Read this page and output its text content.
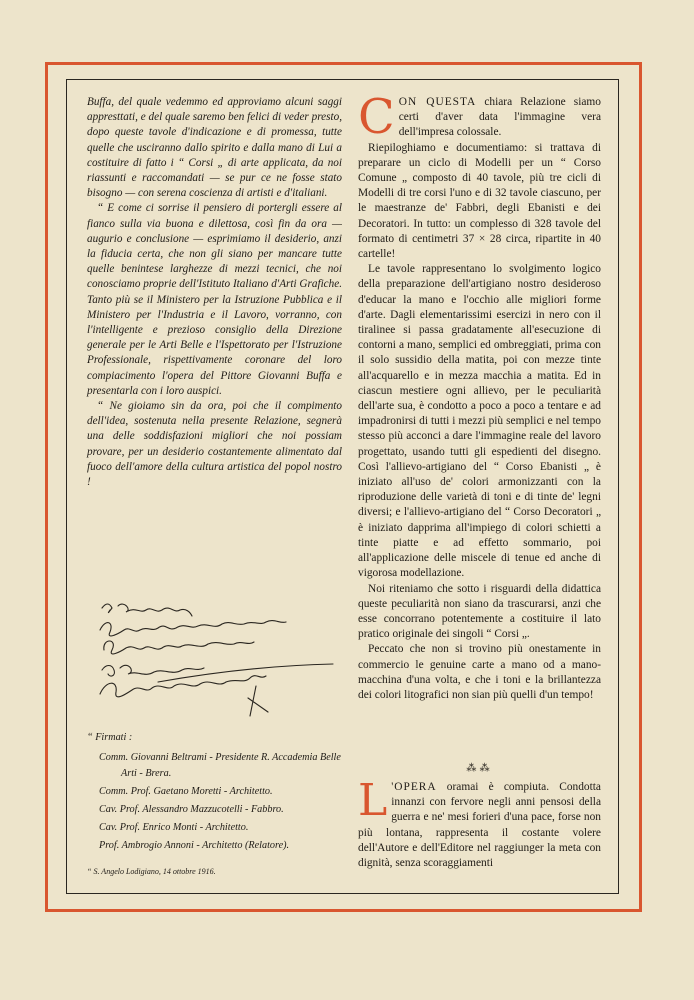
Buffa, del quale vedemmo ed approviamo alcuni saggi appresttati, e del quale saremo ben felici di veder presto, dopo queste tavole d'indicazione e di promessa, tutte quelle che usciranno dallo spirito e dalla mano di Lui a costituire di fatto i “ Corsi „ di arte applicata, da noi riassunti e raccomandati — se pur ce ne fosse stato bisogno — con serena coscienza di artisti e d'italiani.

“ E come ci sorrise il pensiero di portergli essere al fianco sulla via buona e dilettosa, così fin da ora — augurio e conclusione — esprimiamo il desiderio, anzi la fiducia certa, che non gli siano per mancare tutte quelle benintese larghezze di mezzi tecnici, che noi conosciamo proprie dell'Istituto Italiano d'Arti Grafiche. Tanto più se il Ministero per la Istruzione Pubblica e il Ministero per l'Industria e il Lavoro, vorranno, con l'intelligente e prezioso consiglio della Direzione generale per le Arti Belle e l'Ispettorato per l'Istruzione Professionale, rispettivamente coronare del loro compiacimento l'opera del Pittore Giovanni Buffa e presentarla con i loro auspici.

“ Ne gioiamo sin da ora, poi che il compimento dell'idea, sostenuta nella presente Relazione, segnerà una delle soddisfazioni migliori che noi possiam provare, per un desiderio costantemente alimentato dal fuoco dell'amore della cultura artistica del popol nostro !

“ Firmati :
Comm. Giovanni Beltrami - Presidente R. Accademia Belle Arti - Brera.
Comm. Prof. Gaetano Moretti - Architetto.
Cav. Prof. Alessandro Mazzucotelli - Fabbro.
Cav. Prof. Enrico Monti - Architetto.
Prof. Ambrogio Annoni - Architetto (Relatore).
“ S. Angelo Lodigiano, 14 ottobre 1916.

CON QUESTA chiara Relazione siamo certi d'aver data l'immagine vera dell'impresa colossale.

Riepiloghiamo e documentiamo: si trattava di preparare un ciclo di Modelli per un “ Corso Comune „ composto di 40 tavole, più tre cicli di Modelli di tre corsi l'uno e di 32 tavole ciascuno, per le maestranze de' Fabbri, degli Ebanisti e dei Decoratori. In tutto: un complesso di 328 tavole del formato di centimetri 37 × 28 circa, ripartite in 40 cartelle!

Le tavole rappresentano lo svolgimento logico della preparazione dell'artigiano nostro desideroso d'educar la mano e l'occhio alle migliori forme d'arte. Dagli elementarissimi esercizi in nero con il tiralinee si passa gradatamente all'esecuzione di contorni a mano, semplici ed ombreggiati, prima con il solo sussidio della matita, poi con mezze tinte all'acquarello e in mezza macchia a matita. Ed in ciascun mestiere ogni allievo, per le peculiarità dell'arte sua, è condotto a poco a poco a tentare e ad impadronirsi di tutti i mezzi più semplici e nel tempo stesso più acconci a dare l'immagine reale del lavoro progettato, usando tutti gli espedienti del disegno. Così l'allievo-artigiano del “ Corso Ebanisti „ è iniziato all'uso de' colori armonizzanti con la riproduzione delle varietà di toni e di tinte de' legni diversi; e l'allievo-artigiano del “ Corso Decoratori „ è iniziato dapprima all'impiego di colori schietti a tinte piatte e ad effetto sommario, poi all'applicazione delle miscele di tenue ed anche di vigorosa modellazione.

Noi riteniamo che sotto i risguardi della didattica queste peculiarità non siano da trascurarsi, anzi che esse concorrano potentemente a costituire il lato pratico originale dei singoli “ Corsi „.

Peccato che non si trovino più onestamente in commercio le genuine carte a mano od a mano-macchina d'una volta, e che i toni e la brillantezza dei colori litografici non sian più quelli d'un tempo!

⁂ ⁂

L 'OPERA oramai è compiuta. Condotta innanzi con fervore negli anni pensosi della guerra e ne' mesi forieri d'una pace, forse non più lontana, rappresenta il costante volere dell'Autore e dell'Editore nel raggiunger la meta con dignità, senza scoraggiamenti
